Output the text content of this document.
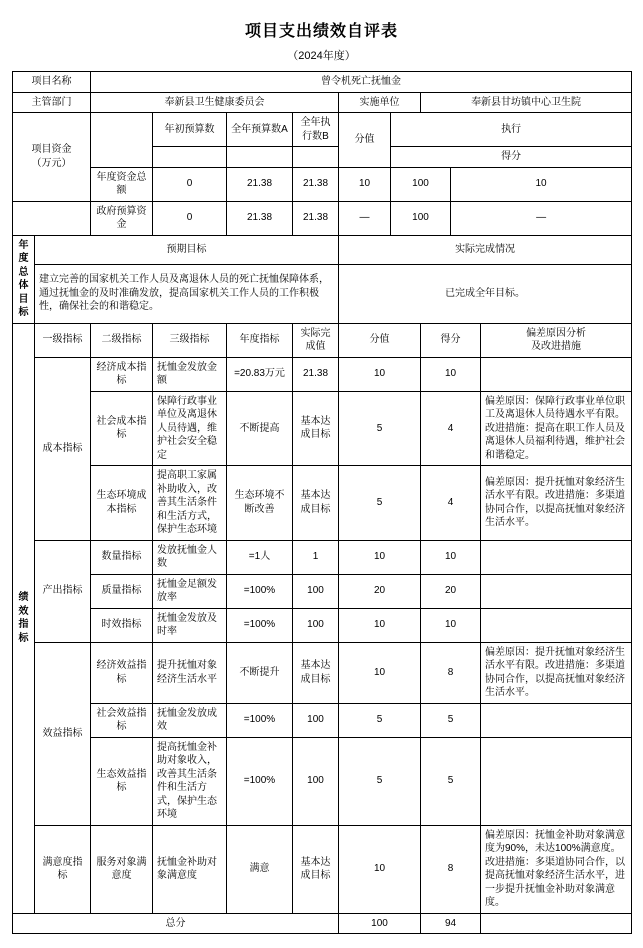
项目支出绩效自评表
（2024年度）
项目名称		曾令机死亡抚恤金								
主管部门		奉新县卫生健康委员会				实施单位		奉新县甘坊镇中心卫生院		

项目资金
（万元）			年初预算数	全年预算数A	全年执行数B	分值	执行			
							得分			
		年度资金总额	0	21.38	21.38	10	100		10	
		政府预算资金	0	21.38	21.38	—	100		—	

年度
总体
目标	预期目标					实际完成情况				
	建立完善的国家机关工作人员及离退休人员的死亡抚恤保障体系，通过抚恤金的及时准确发放，提高国家机关工作人员的工作积极性，确保社会的和谐稳定。					已完成全年目标。				

绩效
指标
	一级指标	二级指标	三级指标	年度指标	实际完成值	分值	得分	
偏差原因分析
及改进措施

	成本指标	经济成本指标	抚恤金发放金额	=20.83万元	21.38	10		10		
		社会成本指标	保障行政事业单位及离退休人员待遇，维护社会安全稳定	不断提高	基本达成目标	5		4		偏差原因：保障行政事业单位职工及离退休人员待遇水平有限。改进措施：提高在职工作人员及离退休人员福利待遇，维护社会和谐稳定。
		生态环境成本指标	提高职工家属补助收入，改善其生活条件和生活方式，保护生态环境	生态环境不断改善	基本达成目标	5		4		偏差原因：提升抚恤对象经济生活水平有限。改进措施：多渠道协同合作，以提高抚恤对象经济生活水平。
	产出指标	数量指标	发放抚恤金人数	=1人	1	10		10		
		质量指标	抚恤金足额发放率	=100%	100	20		20		
		时效指标	抚恤金发放及时率	=100%	100	10		10		
	效益指标	经济效益指标	提升抚恤对象经济生活水平	不断提升	基本达成目标	10		8		偏差原因：提升抚恤对象经济生活水平有限。改进措施：多渠道协同合作，以提高抚恤对象经济生活水平。
		社会效益指标	抚恤金发放成效	=100%	100	5		5		
		生态效益指标	提高抚恤金补助对象收入，改善其生活条件和生活方式，保护生态环境	=100%	100	5		5		
	满意度指标	服务对象满意度	抚恤金补助对象满意度	满意	基本达成目标	10		8		偏差原因：抚恤金补助对象满意度为90%，未达100%满意度。改进措施：多渠道协同合作，以提高抚恤对象经济生活水平，进一步提升抚恤金补助对象满意度。
总分						100		94		
